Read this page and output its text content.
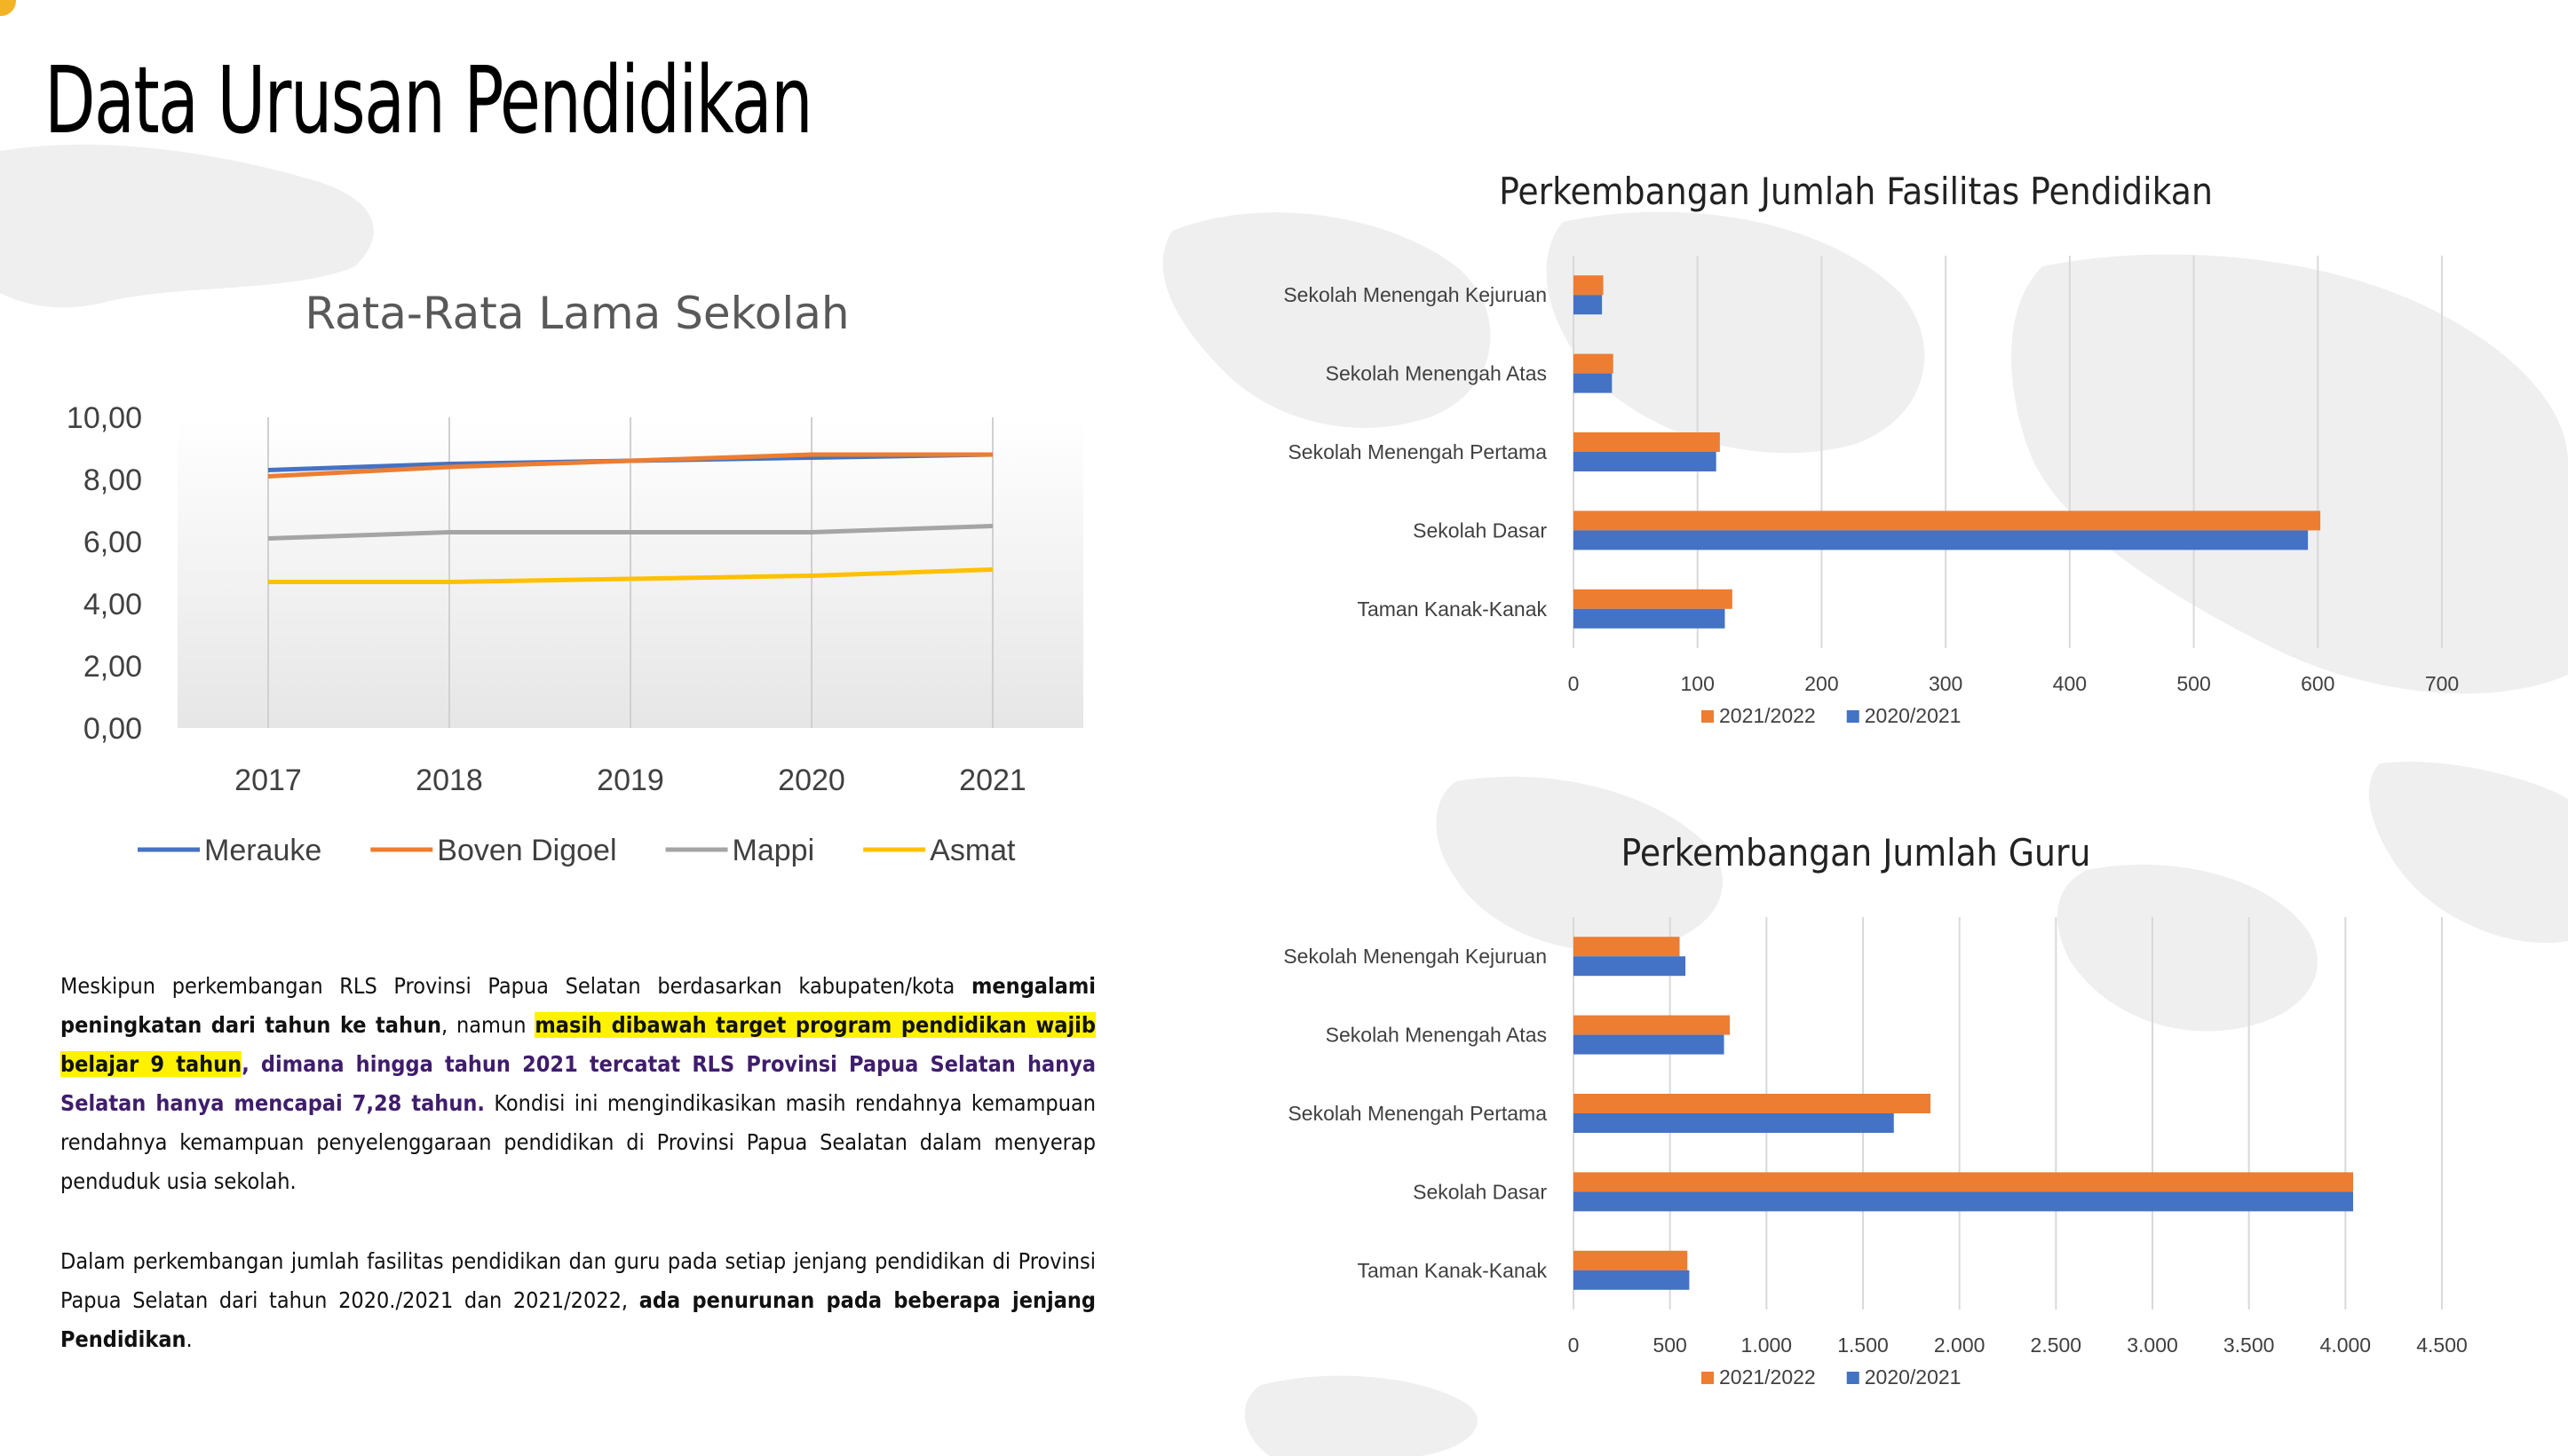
Data Urusan Pendidikan
Rata-Rata Lama Sekolah
2017	2018	2019	2020	2021
0,00
2,00
4,00
6,00
8,00
10,00
Merauke	Boven Digoel	Mappi	Asmat
Perkembangan Jumlah Fasilitas Pendidikan
0	100	200	300	400	500	600	700
Sekolah Menengah Kejuruan
Sekolah Menengah Atas
Sekolah Menengah Pertama
Sekolah Dasar
Taman Kanak-Kanak
2021/2022 2020/2021
Perkembangan Jumlah Guru
0	500	1.000 1.500 2.000 2.500 3.000 3.500 4.000 4.500
Sekolah Menengah Kejuruan
Sekolah Menengah Atas
Sekolah Menengah Pertama
Sekolah Dasar
Taman Kanak-Kanak
2021/2022 2020/2021

Meskipun perkembangan RLS Provinsi Papua Selatan berdasarkan kabupaten/kota mengalami peningkatan dari tahun ke tahun, namun masih dibawah target program pendidikan wajib belajar 9 tahun, dimana hingga tahun 2021 tercatat RLS Provinsi Papua Selatan hanya Selatan hanya mencapai 7,28 tahun. Kondisi ini mengindikasikan masih rendahnya kemampuan rendahnya kemampuan penyelenggaraan pendidikan di Provinsi Papua Sealatan dalam menyerap penduduk usia sekolah.

Dalam perkembangan jumlah fasilitas pendidikan dan guru pada setiap jenjang pendidikan di Provinsi Papua Selatan dari tahun 2020./2021 dan 2021/2022, ada penurunan pada beberapa jenjang Pendidikan.
